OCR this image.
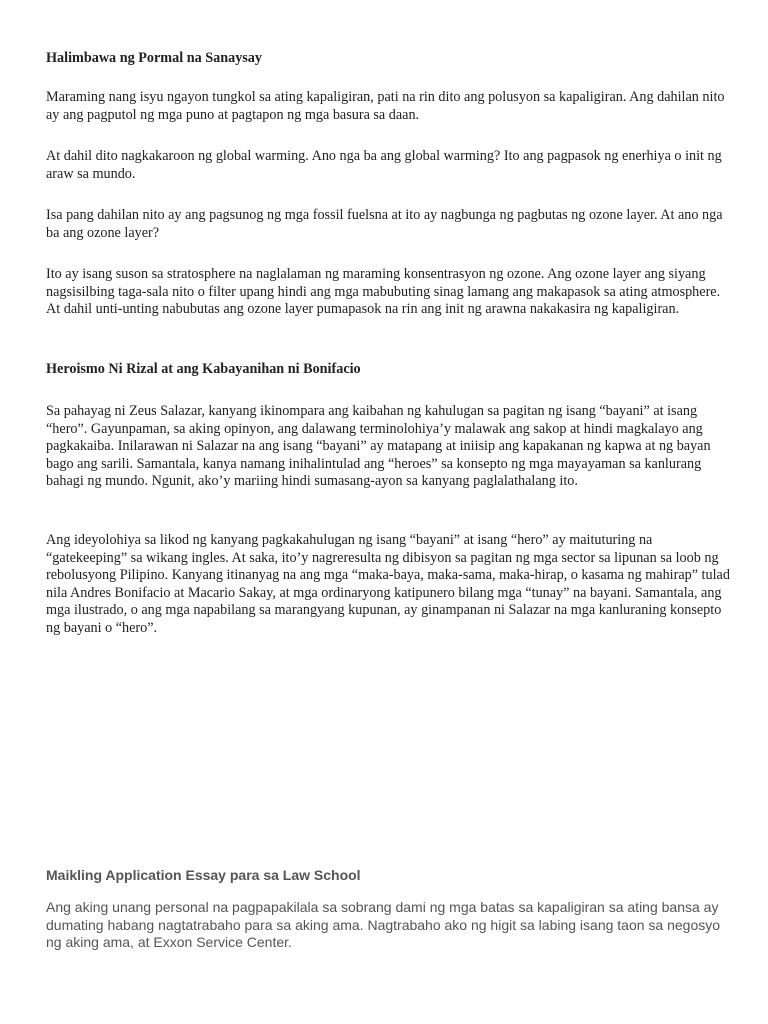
Halimbawa ng Pormal na Sanaysay

Maraming nang isyu ngayon tungkol sa ating kapaligiran, pati na rin dito ang polusyon sa kapaligiran. Ang dahilan nito ay ang pagputol ng mga puno at pagtapon ng mga basura sa daan.

At dahil dito nagkakaroon ng global warming. Ano nga ba ang global warming? Ito ang pagpasok ng enerhiya o init ng araw sa mundo.

Isa pang dahilan nito ay ang pagsunog ng mga fossil fuelsna at ito ay nagbunga ng pagbutas ng ozone layer. At ano nga ba ang ozone layer?

Ito ay isang suson sa stratosphere na naglalaman ng maraming konsentrasyon ng ozone. Ang ozone layer ang siyang nagsisilbing taga-sala nito o filter upang hindi ang mga mabubuting sinag lamang ang makapasok sa ating atmosphere. At dahil unti-unting nabubutas ang ozone layer pumapasok na rin ang init ng arawna nakakasira ng kapaligiran.

Heroismo Ni Rizal at ang Kabayanihan ni Bonifacio

Sa pahayag ni Zeus Salazar, kanyang ikinompara ang kaibahan ng kahulugan sa pagitan ng isang “bayani” at isang “hero”. Gayunpaman, sa aking opinyon, ang dalawang terminolohiya’y malawak ang sakop at hindi magkalayo ang pagkakaiba. Inilarawan ni Salazar na ang isang “bayani” ay matapang at iniisip ang kapakanan ng kapwa at ng bayan bago ang sarili. Samantala, kanya namang inihalintulad ang “heroes” sa konsepto ng mga mayayaman sa kanlurang bahagi ng mundo. Ngunit, ako’y mariing hindi sumasang-ayon sa kanyang paglalathalang ito.

Ang ideyolohiya sa likod ng kanyang pagkakahulugan ng isang “bayani” at isang “hero” ay maituturing na “gatekeeping” sa wikang ingles. At saka, ito’y nagreresulta ng dibisyon sa pagitan ng mga sector sa lipunan sa loob ng rebolusyong Pilipino. Kanyang itinanyag na ang mga “maka-baya, maka-sama, maka-hirap, o kasama ng mahirap” tulad nila Andres Bonifacio at Macario Sakay, at mga ordinaryong katipunero bilang mga “tunay” na bayani. Samantala, ang mga ilustrado, o ang mga napabilang sa marangyang kupunan, ay ginampanan ni Salazar na mga kanluraning konsepto ng bayani o “hero”.

Maikling Application Essay para sa Law School

Ang aking unang personal na pagpapakilala sa sobrang dami ng mga batas sa kapaligiran sa ating bansa ay dumating habang nagtatrabaho para sa aking ama. Nagtrabaho ako ng higit sa labing isang taon sa negosyo ng aking ama, at Exxon Service Center.
